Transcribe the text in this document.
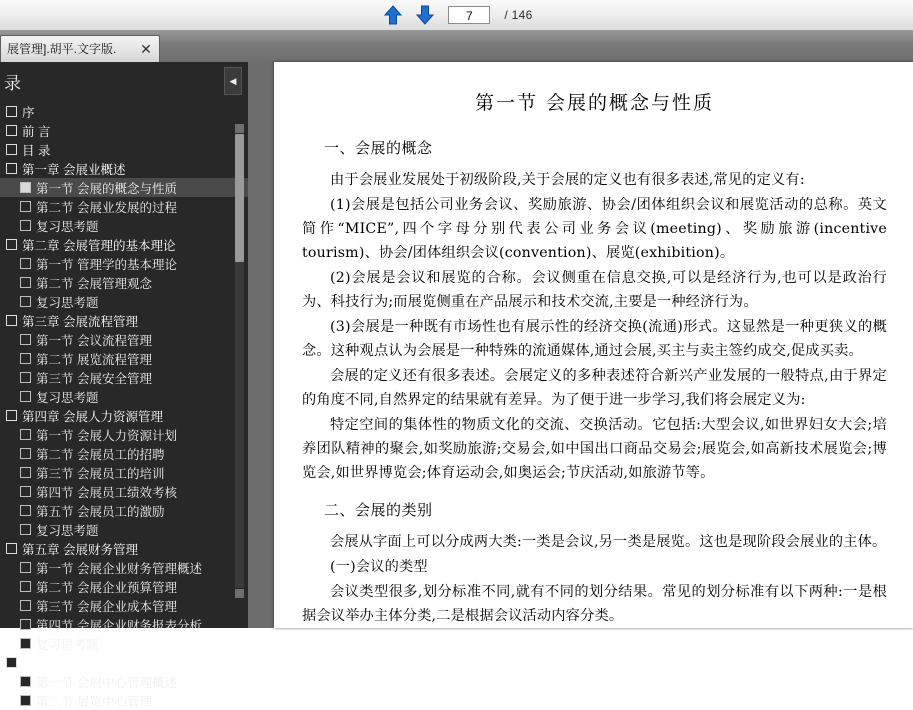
7	/ 146
展管理].胡平.文字版.	✕
录	◀
序
前 言
目 录
第一章 会展业概述
第一节 会展的概念与性质
第二节 会展业发展的过程
复习思考题
第二章 会展管理的基本理论
第一节 管理学的基本理论
第二节 会展管理观念
复习思考题
第三章 会展流程管理
第一节 会议流程管理
第二节 展览流程管理
第三节 会展安全管理
复习思考题
第四章 会展人力资源管理
第一节 会展人力资源计划
第二节 会展员工的招聘
第三节 会展员工的培训
第四节 会展员工绩效考核
第五节 会展员工的激励
复习思考题
第五章 会展财务管理
第一节 会展企业财务管理概述
第二节 会展企业预算管理
第三节 会展企业成本管理
第四节 会展企业财务报表分析
复习思考题
第六章 会展场馆和设施设备管理
第一节 会展中心管理概述
第二节 展览中心管理
第一节 会展的概念与性质
一、会展的概念

由于会展业发展处于初级阶段,关于会展的定义也有很多表述,常见的定义有:

(1)会展是包括公司业务会议、奖励旅游、协会/团体组织会议和展览活动的总称。英文简作“MICE”,四个字母分别代表公司业务会议(meeting)、奖励旅游(incentive tourism)、协会/团体组织会议(convention)、展览(exhibition)。

(2)会展是会议和展览的合称。会议侧重在信息交换,可以是经济行为,也可以是政治行为、科技行为;而展览侧重在产品展示和技术交流,主要是一种经济行为。

(3)会展是一种既有市场性也有展示性的经济交换(流通)形式。这显然是一种更狭义的概念。这种观点认为会展是一种特殊的流通媒体,通过会展,买主与卖主签约成交,促成买卖。

会展的定义还有很多表述。会展定义的多种表述符合新兴产业发展的一般特点,由于界定的角度不同,自然界定的结果就有差异。为了便于进一步学习,我们将会展定义为:

特定空间的集体性的物质文化的交流、交换活动。它包括:大型会议,如世界妇女大会;培养团队精神的聚会,如奖励旅游;交易会,如中国出口商品交易会;展览会,如高新技术展览会;博览会,如世界博览会;体育运动会,如奥运会;节庆活动,如旅游节等。

二、会展的类别

会展从字面上可以分成两大类:一类是会议,另一类是展览。这也是现阶段会展业的主体。

(一)会议的类型

会议类型很多,划分标准不同,就有不同的划分结果。常见的划分标准有以下两种:一是根据会议举办主体分类,二是根据会议活动内容分类。
